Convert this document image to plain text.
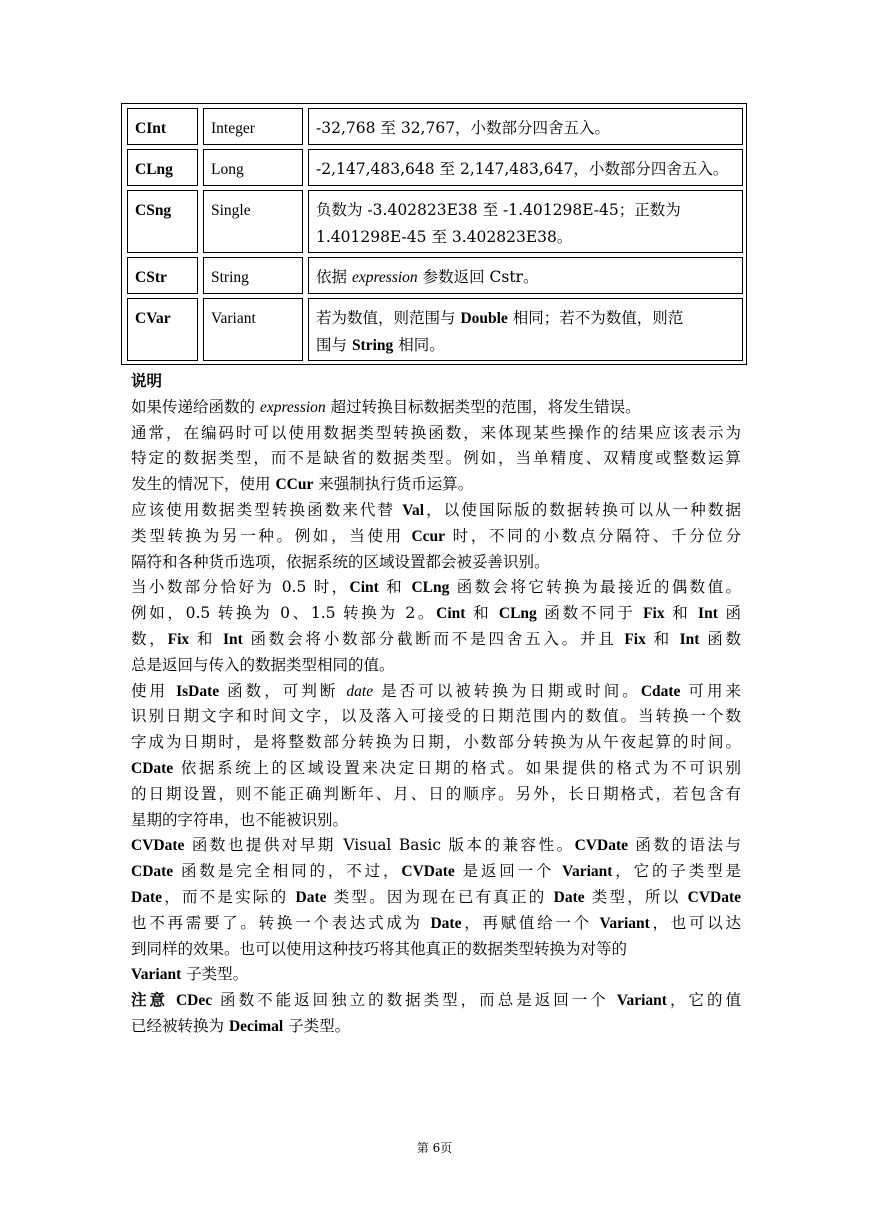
CInt	Integer	-32,768 至 32,767，小数部分四舍五入。
CLng	Long	-2,147,483,648 至 2,147,483,647，小数部分四舍五入。
CSng	Single	负数为 -3.402823E38 至 -1.401298E-45；正数为
1.401298E-45 至 3.402823E38。
CStr	String	依据 expression 参数返回 Cstr。
CVar	Variant	若为数值，则范围与 Double 相同；若不为数值，则范
围与 String 相同。
说明
如果传递给函数的 expression 超过转换目标数据类型的范围，将发生错误。
通常，在编码时可以使用数据类型转换函数，来体现某些操作的结果应该表示为
特定的数据类型，而不是缺省的数据类型。例如，当单精度、双精度或整数运算
发生的情况下，使用 CCur 来强制执行货币运算。
应该使用数据类型转换函数来代替 Val，以使国际版的数据转换可以从一种数据
类型转换为另一种。例如，当使用 Ccur 时，不同的小数点分隔符、千分位分
隔符和各种货币选项，依据系统的区域设置都会被妥善识别。
当小数部分恰好为 0.5 时，Cint 和 CLng 函数会将它转换为最接近的偶数值。
例如，0.5 转换为 0、1.5 转换为 2。Cint 和 CLng 函数不同于 Fix 和 Int 函
数，Fix 和 Int 函数会将小数部分截断而不是四舍五入。并且 Fix 和 Int 函数
总是返回与传入的数据类型相同的值。
使用 IsDate 函数，可判断 date 是否可以被转换为日期或时间。Cdate 可用来
识别日期文字和时间文字，以及落入可接受的日期范围内的数值。当转换一个数
字成为日期时，是将整数部分转换为日期，小数部分转换为从午夜起算的时间。
CDate 依据系统上的区域设置来决定日期的格式。如果提供的格式为不可识别
的日期设置，则不能正确判断年、月、日的顺序。另外，长日期格式，若包含有
星期的字符串，也不能被识别。
CVDate 函数也提供对早期 Visual Basic 版本的兼容性。CVDate 函数的语法与
CDate 函数是完全相同的，不过，CVDate 是返回一个 Variant，它的子类型是
Date，而不是实际的 Date 类型。因为现在已有真正的 Date 类型，所以 CVDate
也不再需要了。转换一个表达式成为 Date，再赋值给一个 Variant，也可以达
到同样的效果。也可以使用这种技巧将其他真正的数据类型转换为对等的
Variant 子类型。
注意 CDec 函数不能返回独立的数据类型，而总是返回一个 Variant，它的值
已经被转换为 Decimal 子类型。
第 6页
